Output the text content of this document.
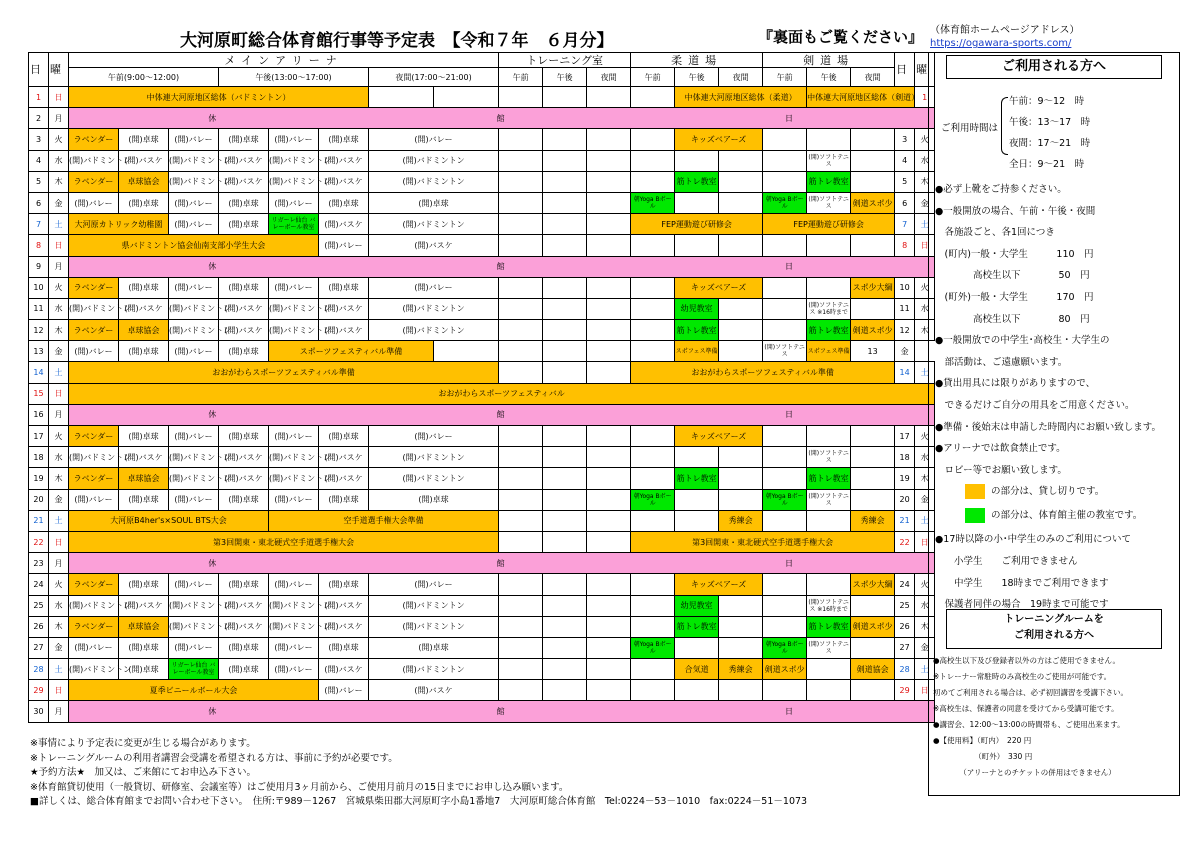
大河原町総合体育館行事等予定表　【令和７年　６月分】	『裏面もご覧ください』 （体育館ホームページアドレス）
https://ogawara-sports.com/
日	曜	メインアリーナ								トレーニング室			柔道場			剣道場			日	曜	
		午前(9:00～12:00)			午後(13:00～17:00)			夜間(17:00～21:00)		午前	午後	夜間	午前	午後	夜間	午前	午後	夜間			
1	日	中体連大河原地区総体（バドミントン）												中体連大河原地区総体（柔道）			中体連大河原地区総体（剣道）			1	
2	月	休 館 日

3	火	ラベンダー	(開)卓球	(開)バレー	(開)卓球	(開)バレー	(開)卓球	(開)バレー						キッズベアーズ					3	火	
4	水	(開)バドミントン	(開)バスケ	(開)バドミントン	(開)バスケ	(開)バドミントン	(開)バスケ	(開)バドミントン									(開)ソフトテニス		4	水	
5	木	ラベンダー	卓球協会	(開)バドミントン	(開)バスケ	(開)バドミントン	(開)バスケ	(開)バドミントン						筋トレ教室			筋トレ教室		5	木	
6	金	(開)バレー	(開)卓球	(開)バレー	(開)卓球	(開)バレー	(開)卓球	(開)卓球					朝Yoga Bボール			朝Yoga Bボール	(開)ソフトテニス	剣道スポ少	6	金	
7	土	大河原カトリック幼稚園		(開)バレー	(開)卓球	リガーレ仙台 バレーボール教室	(開)バスケ	(開)バドミントン					FEP運動遊び研修会			FEP運動遊び研修会			7	土	
8	日	県バドミントン協会仙南支部小学生大会					(開)バレー	(開)バスケ											8	日	
9	月	休 館 日

10	火	ラベンダー	(開)卓球	(開)バレー	(開)卓球	(開)バレー	(開)卓球	(開)バレー						キッズベアーズ				スポ少大綱	10	火	
11	水	(開)バドミントン	(開)バスケ	(開)バドミントン	(開)バスケ	(開)バドミントン	(開)バスケ	(開)バドミントン						幼児教室			(開)ソフトテニス ※16時まで		11	水	
12	木	ラベンダー	卓球協会	(開)バドミントン	(開)バスケ	(開)バドミントン	(開)バスケ	(開)バドミントン						筋トレ教室			筋トレ教室	剣道スポ少	12	木	
13	金	(開)バレー	(開)卓球	(開)バレー	(開)卓球	スポーツフェスティバル準備								スポフェス準備		(開)ソフトテニス	スポフェス準備	13	金		
14	土	おおがわらスポーツフェスティバル準備											おおがわらスポーツフェスティバル準備						14	土	
15	日	おおがわらスポーツフェスティバル		
16	月	休 館 日

17	火	ラベンダー	(開)卓球	(開)バレー	(開)卓球	(開)バレー	(開)卓球	(開)バレー						キッズベアーズ					17	火	
18	水	(開)バドミントン	(開)バスケ	(開)バドミントン	(開)バスケ	(開)バドミントン	(開)バスケ	(開)バドミントン									(開)ソフトテニス		18	水	
19	木	ラベンダー	卓球協会	(開)バドミントン	(開)バスケ	(開)バドミントン	(開)バスケ	(開)バドミントン						筋トレ教室			筋トレ教室		19	木	
20	金	(開)バレー	(開)卓球	(開)バレー	(開)卓球	(開)バレー	(開)卓球	(開)卓球					朝Yoga Bボール			朝Yoga Bボール	(開)ソフトテニス		20	金	
21	土	大河原B4her's×SOUL BTS大会				空手道選手権大会準備									秀練会			秀練会	21	土	
22	日	第3回開東・東北硬式空手道選手権大会											第3回開東・東北硬式空手道選手権大会						22	日	
23	月	休 館 日

24	火	ラベンダー	(開)卓球	(開)バレー	(開)卓球	(開)バレー	(開)卓球	(開)バレー						キッズベアーズ				スポ少大綱	24	火	
25	水	(開)バドミントン	(開)バスケ	(開)バドミントン	(開)バスケ	(開)バドミントン	(開)バスケ	(開)バドミントン						幼児教室			(開)ソフトテニス ※16時まで		25	水	
26	木	ラベンダー	卓球協会	(開)バドミントン	(開)バスケ	(開)バドミントン	(開)バスケ	(開)バドミントン						筋トレ教室			筋トレ教室	剣道スポ少	26	木	
27	金	(開)バレー	(開)卓球	(開)バレー	(開)卓球	(開)バレー	(開)卓球	(開)卓球					朝Yoga Bボール			朝Yoga Bボール	(開)ソフトテニス		27	金	
28	土	(開)バドミントン	(開)卓球	リガーレ仙台 バレーボール教室	(開)卓球	(開)バレー	(開)バスケ	(開)バドミントン						合気道	秀練会	剣道スポ少		剣道協会	28	土	
29	日	夏季ビニールボール大会					(開)バレー	(開)バスケ											29	日	
30	月	休 館 日

※事情により予定表に変更が生じる場合があります。
※トレーニングルームの利用者講習会受講を希望される方は、事前に予約が必要です。
★予約方法★　加又は、ご来館にてお申込み下さい。
※体育館貸切使用（一般貸切、研修室、会議室等）はご使用月3ヶ月前から、ご使用月前月の15日までにお申し込み願います。
■詳しくは、総合体育館までお問い合わせ下さい。　住所:〒989－1267　宮城県柴田郡大河原町字小島1番地7　大河原町総合体育館　Tel:0224－53－1010　fax:0224－51－1073
ご利用される方へ
ご利用時間は
午前：9～12　時
午後：13～17　時
夜間：17～21　時
全日：9～21　時
●必ず上靴をご持参ください。
●一般開放の場合、午前・午後・夜間
　各施設ごと、各1回につき
　(町内)一般・大学生　　　110　円
　　　　高校生以下　　　　50　円
　(町外)一般・大学生　　　170　円
　　　　高校生以下　　　　80　円
●一般開放での中学生･高校生・大学生の
　部活動は、ご遠慮願います。
●貸出用具には限りがありますので、
　できるだけご自分の用具をご用意ください。
●準備・後始末は申請した時間内にお願い致します。
●アリーナでは飲食禁止です。
　ロビー等でお願い致します。
の部分は、貸し切りです。
の部分は、体育館主催の教室です。
●17時以降の小･中学生のみのご利用について
　　小学生　　ご利用できません
　　中学生　　18時までご利用できます
　保護者同伴の場合　19時まで可能です
トレーニングルームを
ご利用される方へ
●高校生以下及び登録者以外の方はご使用できません。
※トレーナー常駐時のみ高校生のご使用が可能です。
初めてご利用される場合は、必ず初回講習を受講下さい。
※高校生は、保護者の同意を受けてから受講可能です。
●講習会、12:00～13:00の時間帯も、ご使用出来ます。
●【使用料】（町内）　220 円
　　　　　　（町外）　330 円
　　　　（アリーナとのチケットの併用はできません）
